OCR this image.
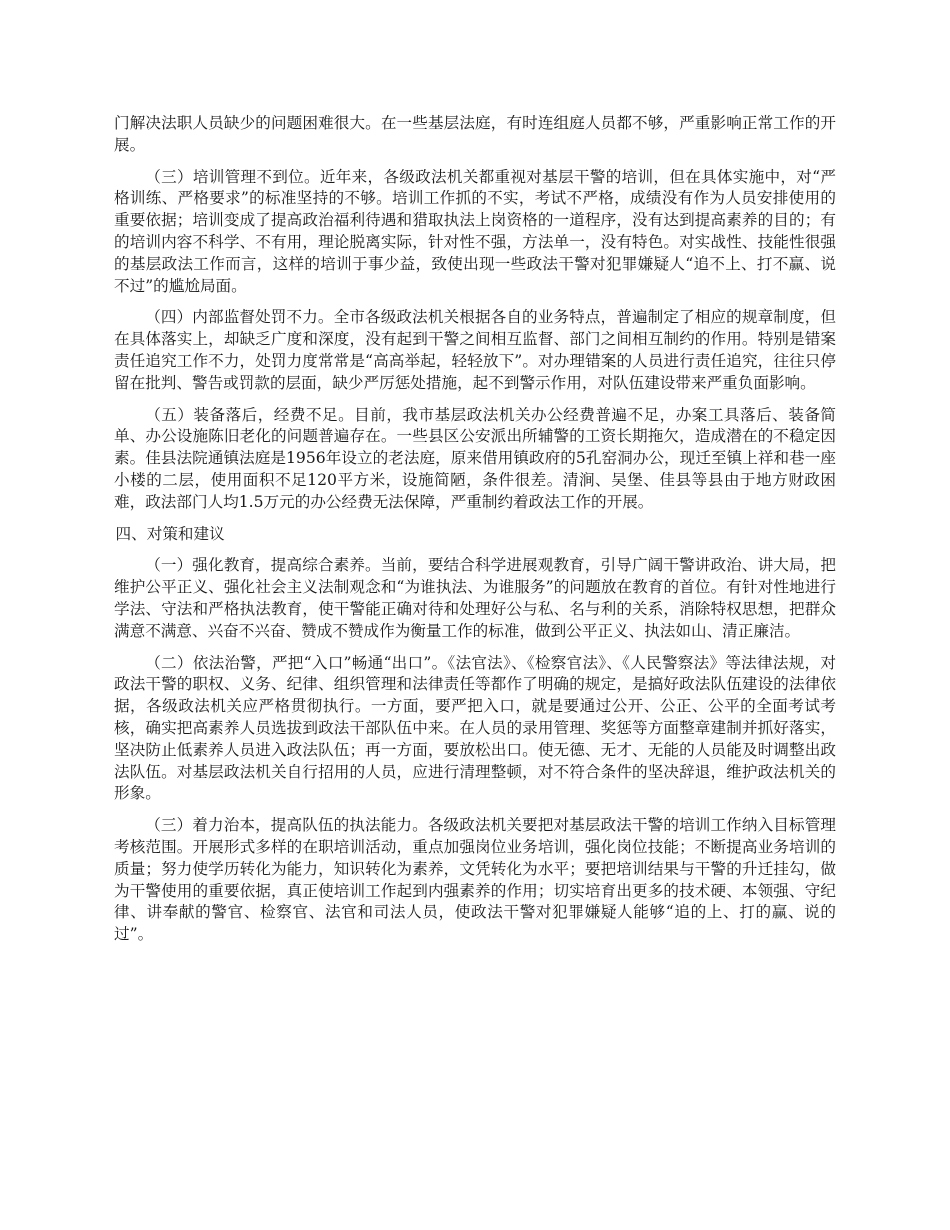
门解决法职人员缺少的问题困难很大。在一些基层法庭，有时连组庭人员都不够，严重影响正常工作的开展。

（三）培训管理不到位。近年来，各级政法机关都重视对基层干警的培训，但在具体实施中，对“严格训练、严格要求”的标准坚持的不够。培训工作抓的不实，考试不严格，成绩没有作为人员安排使用的重要依据；培训变成了提高政治福利待遇和猎取执法上岗资格的一道程序，没有达到提高素养的目的；有的培训内容不科学、不有用，理论脱离实际，针对性不强，方法单一，没有特色。对实战性、技能性很强的基层政法工作而言，这样的培训于事少益，致使出现一些政法干警对犯罪嫌疑人“追不上、打不赢、说不过”的尴尬局面。

（四）内部监督处罚不力。全市各级政法机关根据各自的业务特点，普遍制定了相应的规章制度，但在具体落实上，却缺乏广度和深度，没有起到干警之间相互监督、部门之间相互制约的作用。特别是错案责任追究工作不力，处罚力度常常是“高高举起，轻轻放下”。对办理错案的人员进行责任追究，往往只停留在批判、警告或罚款的层面，缺少严厉惩处措施，起不到警示作用，对队伍建设带来严重负面影响。

（五）装备落后，经费不足。目前，我市基层政法机关办公经费普遍不足，办案工具落后、装备简单、办公设施陈旧老化的问题普遍存在。一些县区公安派出所辅警的工资长期拖欠，造成潜在的不稳定因素。佳县法院通镇法庭是1956年设立的老法庭，原来借用镇政府的5孔窑洞办公，现迁至镇上祥和巷一座小楼的二层，使用面积不足120平方米，设施简陋，条件很差。清涧、吴堡、佳县等县由于地方财政困难，政法部门人均1.5万元的办公经费无法保障，严重制约着政法工作的开展。

四、对策和建议

（一）强化教育，提高综合素养。当前，要结合科学进展观教育，引导广阔干警讲政治、讲大局，把维护公平正义、强化社会主义法制观念和“为谁执法、为谁服务”的问题放在教育的首位。有针对性地进行学法、守法和严格执法教育，使干警能正确对待和处理好公与私、名与利的关系，消除特权思想，把群众满意不满意、兴奋不兴奋、赞成不赞成作为衡量工作的标准，做到公平正义、执法如山、清正廉洁。

（二）依法治警，严把“入口”畅通“出口”。《法官法》、《检察官法》、《人民警察法》等法律法规，对政法干警的职权、义务、纪律、组织管理和法律责任等都作了明确的规定，是搞好政法队伍建设的法律依据，各级政法机关应严格贯彻执行。一方面，要严把入口，就是要通过公开、公正、公平的全面考试考核，确实把高素养人员选拔到政法干部队伍中来。在人员的录用管理、奖惩等方面整章建制并抓好落实，坚决防止低素养人员进入政法队伍；再一方面，要放松出口。使无德、无才、无能的人员能及时调整出政法队伍。对基层政法机关自行招用的人员，应进行清理整顿，对不符合条件的坚决辞退，维护政法机关的形象。

（三）着力治本，提高队伍的执法能力。各级政法机关要把对基层政法干警的培训工作纳入目标管理考核范围。开展形式多样的在职培训活动，重点加强岗位业务培训，强化岗位技能；不断提高业务培训的质量；努力使学历转化为能力，知识转化为素养，文凭转化为水平；要把培训结果与干警的升迁挂勾，做为干警使用的重要依据，真正使培训工作起到内强素养的作用；切实培育出更多的技术硬、本领强、守纪律、讲奉献的警官、检察官、法官和司法人员，使政法干警对犯罪嫌疑人能够“追的上、打的赢、说的过”。
